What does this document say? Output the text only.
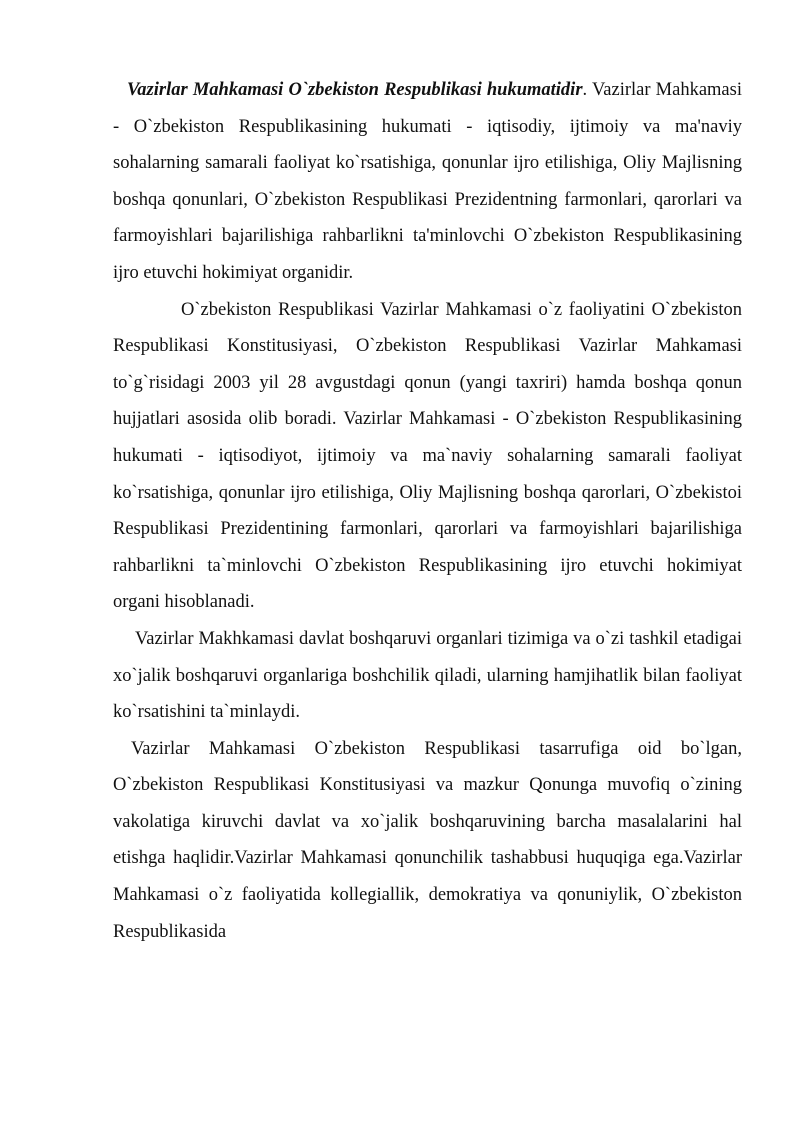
Vazirlar Mahkamasi O`zbekiston Respublikasi hukumatidir. Vazirlar Mahkamasi - O`zbekiston Respublikasining hukumati - iqtisodiy, ijtimoiy va ma'naviy sohalarning samarali faoliyat ko`rsatishiga, qonunlar ijro etilishiga, Oliy Majlisning boshqa qonunlari, O`zbekiston Respublikasi Prezidentning farmonlari, qarorlari va farmoyishlari bajarilishiga rahbarlikni ta'minlovchi O`zbekiston Respublikasining ijro etuvchi hokimiyat organidir.

O`zbekiston Respublikasi Vazirlar Mahkamasi o`z faoliyatini O`zbekiston Respublikasi Konstitusiyasi, O`zbekiston Respublikasi Vazirlar Mahkamasi to`g`risidagi 2003 yil 28 avgustdagi qonun (yangi taxriri) hamda boshqa qonun hujjatlari asosida olib boradi. Vazirlar Mahkamasi - O`zbekiston Respublikasining hukumati - iqtisodiyot, ijtimoiy va ma`naviy sohalarning samarali faoliyat ko`rsatishiga, qonunlar ijro etilishiga, Oliy Majlisning boshqa qarorlari, O`zbekistoi Respublikasi Prezidentining farmonlari, qarorlari va farmoyishlari bajarilishiga rahbarlikni ta`minlovchi O`zbekiston Respublikasining ijro etuvchi hokimiyat organi hisoblanadi.

Vazirlar Makhkamasi davlat boshqaruvi organlari tizimiga va o`zi tashkil etadigai xo`jalik boshqaruvi organlariga boshchilik qiladi, ularning hamjihatlik bilan faoliyat ko`rsatishini ta`minlaydi.

Vazirlar Mahkamasi O`zbekiston Respublikasi tasarrufiga oid bo`lgan, O`zbekiston Respublikasi Konstitusiyasi va mazkur Qonunga muvofiq o`zining vakolatiga kiruvchi davlat va xo`jalik boshqaruvining barcha masalalarini hal etishga haqlidir.Vazirlar Mahkamasi qonunchilik tashabbusi huquqiga ega.Vazirlar Mahkamasi o`z faoliyatida kollegiallik, demokratiya va qonuniylik, O`zbekiston Respublikasida
